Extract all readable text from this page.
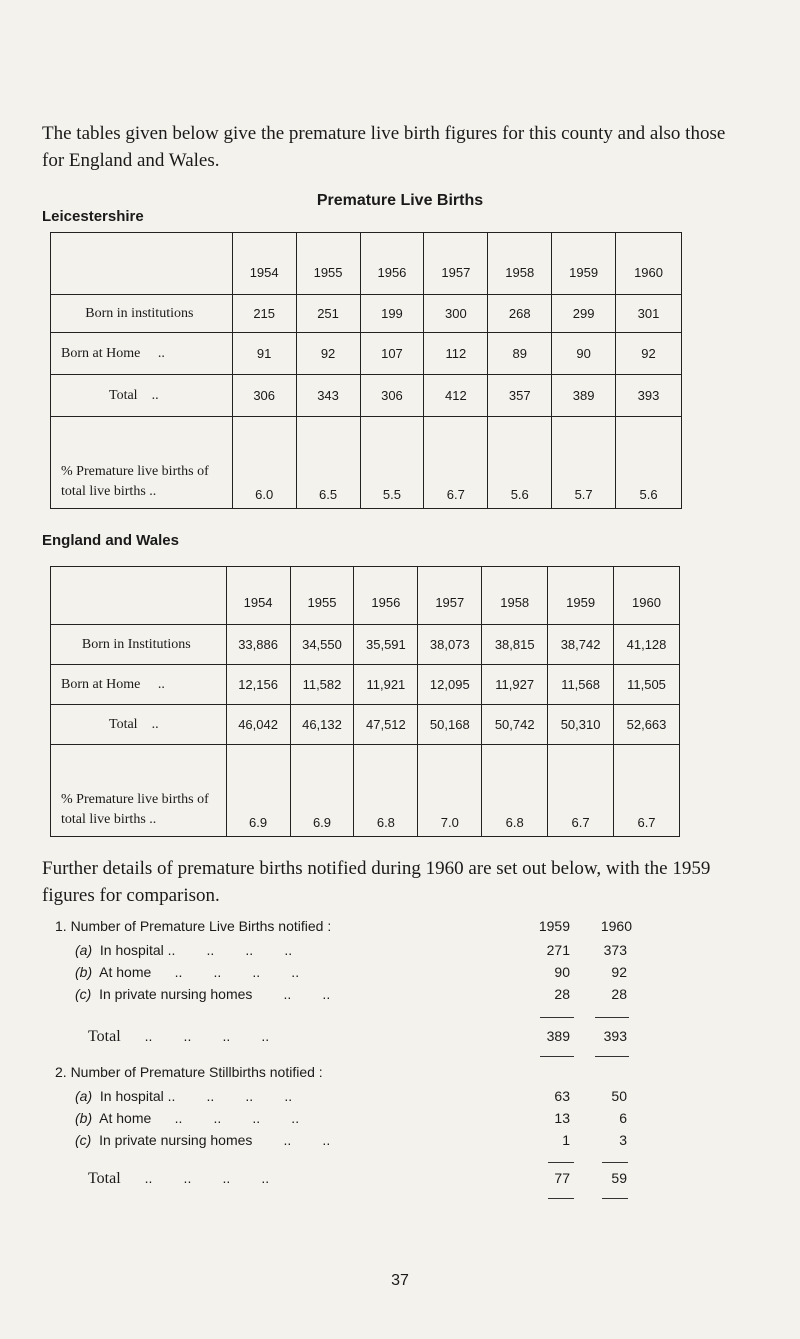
The tables given below give the premature live birth figures for this county and also those for England and Wales.

Premature Live Births
Leicestershire
	1954	1955	1956	1957	1958	1959	1960
Born in institutions	215	251	199	300	268	299	301
Born at Home     ..	91	92	107	112	89	90	92
Total    ..	306	343	306	412	357	389	393
% Premature live births of total live births ..	6.0	6.5	5.5	6.7	5.6	5.7	5.6
England and Wales
	1954	1955	1956	1957	1958	1959	1960
Born in Institutions	33,886	34,550	35,591	38,073	38,815	38,742	41,128
Born at Home     ..	12,156	11,582	11,921	12,095	11,927	11,568	11,505
Total    ..	46,042	46,132	47,512	50,168	50,742	50,310	52,663
% Premature live births of total live births ..	6.9	6.9	6.8	7.0	6.8	6.7	6.7

Further details of premature births notified during 1960 are set out below, with the 1959 figures for comparison.

1. Number of Premature Live Births notified :	1959	1960
(a) In hospital ..        ..        ..        ..	271	373
(b) At home      ..        ..        ..        ..	90	92
(c) In private nursing homes        ..        ..	28	28
Total ..        ..        ..        ..	389	393
2. Number of Premature Stillbirths notified :
(a) In hospital ..        ..        ..        ..	63	50
(b) At home      ..        ..        ..        ..	13	6
(c) In private nursing homes        ..        ..	1	3
Total ..        ..        ..        ..	77	59
37
